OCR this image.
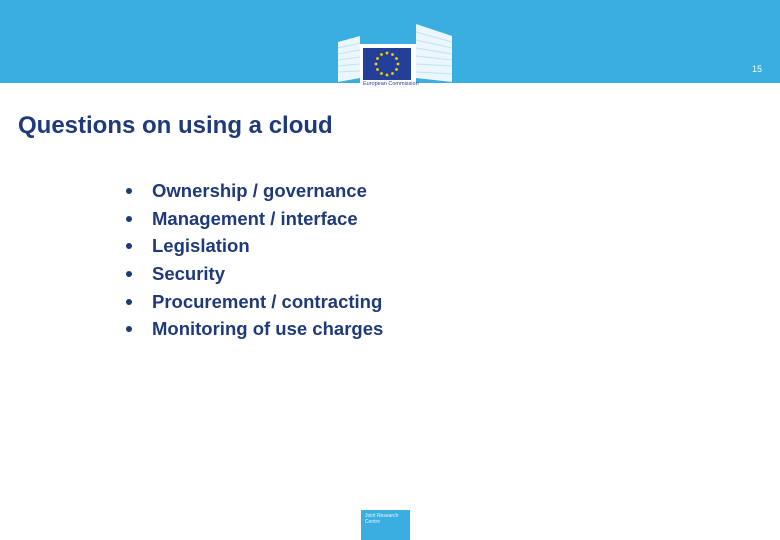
15
European Commission
Questions on using a cloud
Ownership / governance
Management / interface
Legislation
Security
Procurement / contracting
Monitoring of use charges
Joint Research Centre
